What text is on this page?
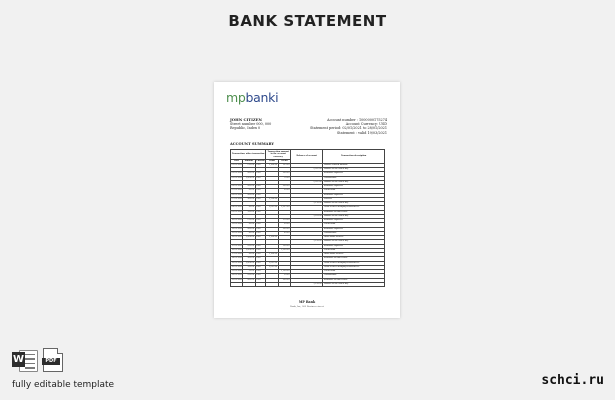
BANK STATEMENT
mpbanki
JOHN CITIZEN
Street number 000, 000
Republic, Index 0
Account number : 1000000175274
Account Currency: USD
Statement period: 02/01/2021 to 28/01/2021
Statement : valid 19/03/2021
ACCOUNT SUMMARY
Transaction, other transaction			Transaction amount in the account currency		Balance of account	Transaction description
Date	Amount	Currency	Debit	Credit		
01.02.2021	123.00	USD	1,100.00	123.00		Balance carried forward
					2,047.00	Balance at the end of day
02.02.2021	200.00	USD		200.00		Insurance expenses
03.02.2021	1,000.00	USD		50.00		Transactions
					2,047.00	Balance at the end of day
04.02.2021	200.00	USD		200.00		Insurance expenses
05.02.2021	20.00	USD		20.00		Client Bank
06.02.2021	200.00	USD				Insurance expenses
07.02.2021	300.00	USD	1,314.00			Services
					3,134.00	Balance at the end of day
08.02.2021	26.00	USD	1,025.00	1,025.00		Debit of fuel-Unemployed benefit fee
09.02.2021	500.00	USD				Insurance of other value
					3,164.00	Balance at the end of day
10.02.2021	150.00	USD		150.00		Insurance expenses
11.02.2021	20.00	USD		20.00		Client Bank
12.02.2021	200.00	USD		200.00		Insurance expenses
13.02.2021	40.00	USD		40.00		Transactions
14.02.2021	1,000.00	USD	1,100.00			Other debit services
					3,234.00	Balance at the end of day
15.02.2021	100.00	USD		100.00		Insurance expenses
16.02.2021	1,000.00	USD		1,000.00		Client Bank
17.02.2021	20.00	USD	1,100.00			Other debit services
18.02.2021	300.00	USD				Insurance of other value
19.02.2021	1,000.00	USD	1,025.00			Debit of fuel-Unemployed benefit fee
20.02.2021	500.00	USD	1,025.00			Debit of fuel-Unemployed benefit fee
21.02.2021	50.00	USD		1,100.00		Client Bank
22.02.2021	100.00	USD		10.00		Transactions
23.02.2021	200.00	USD		200.00		Insurance of other value
					3,234.00	Balance at the end of day
MP Bank
Bank, Inc, 000 Business street
W	PDF
fully editable template	schci.ru
